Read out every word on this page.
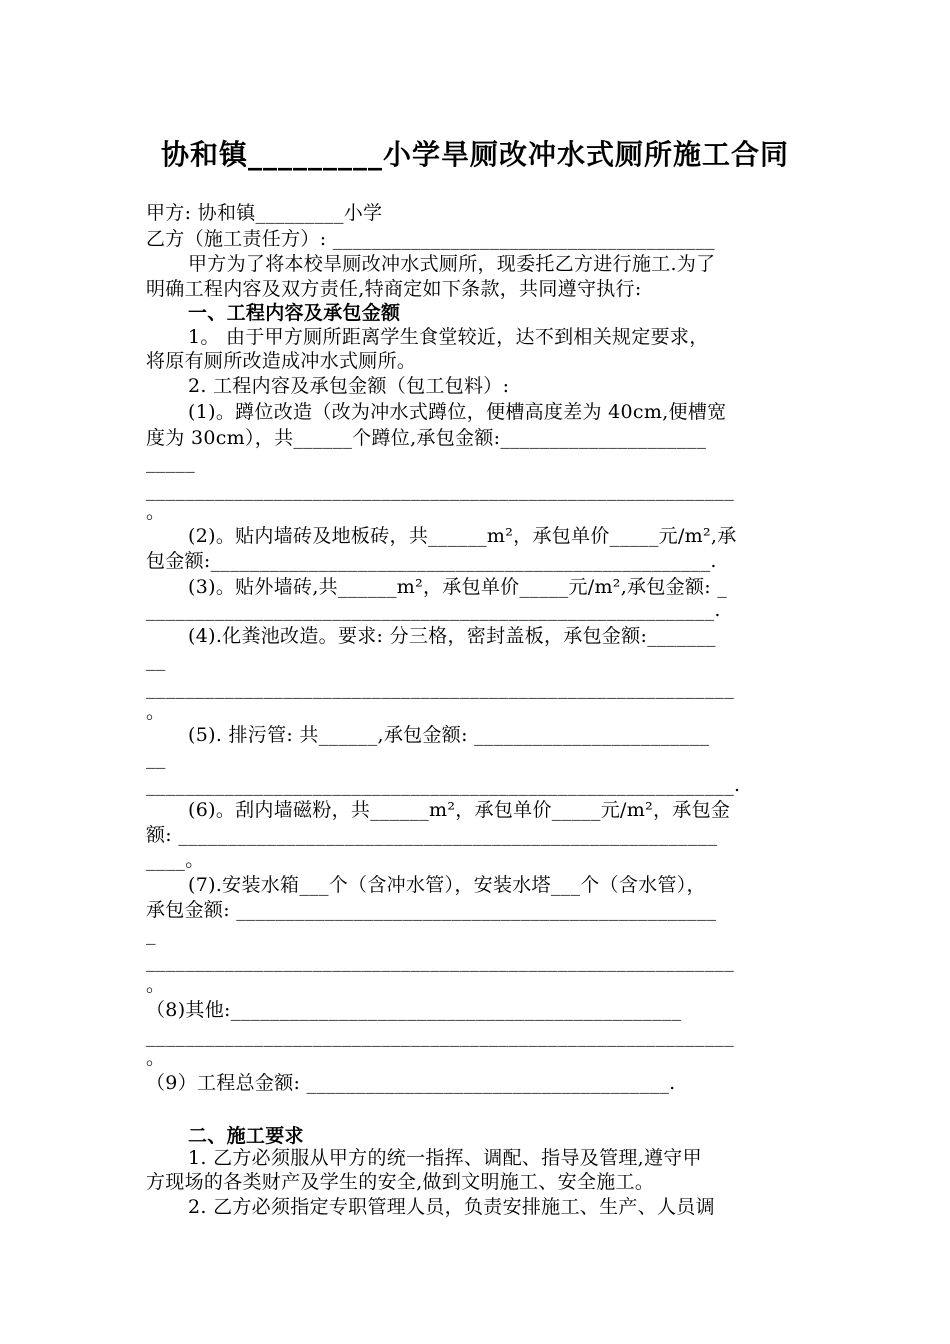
协和镇_________小学旱厕改冲水式厕所施工合同
甲方: 协和镇_________小学
乙方（施工责任方）: _______________________________________
甲方为了将本校旱厕改冲水式厕所，现委托乙方进行施工.为了
明确工程内容及双方责任,特商定如下条款，共同遵守执行:
一、工程内容及承包金额
1。 由于甲方厕所距离学生食堂较近，达不到相关规定要求，
将原有厕所改造成冲水式厕所。
2. 工程内容及承包金额（包工包料）:
(1)。蹲位改造（改为冲水式蹲位，便槽高度差为 40cm,便槽宽
度为 30cm），共______个蹲位,承包金额:_____________________
_____
____________________________________________________________
。
(2)。贴内墙砖及地板砖，共______m²，承包单价_____元/m²,承
包金额:___________________________________________________.
(3)。贴外墙砖,共______m²，承包单价_____元/m²,承包金额: _
__________________________________________________________.
(4).化粪池改造。要求: 分三格，密封盖板，承包金额:_______
__
____________________________________________________________
。
(5). 排污管: 共______,承包金额: ________________________
__
____________________________________________________________.
(6)。刮内墙磁粉，共______m²，承包单价_____元/m²，承包金
额: _______________________________________________________
____。
(7).安装水箱___个（含冲水管），安装水塔___个（含水管），
承包金额: _________________________________________________
_
____________________________________________________________
。
（8)其他:______________________________________________
____________________________________________________________
。
（9）工程总金额: _____________________________________.
二、施工要求
1. 乙方必须服从甲方的统一指挥、调配、指导及管理,遵守甲
方现场的各类财产及学生的安全,做到文明施工、安全施工。
2. 乙方必须指定专职管理人员，负责安排施工、生产、人员调
